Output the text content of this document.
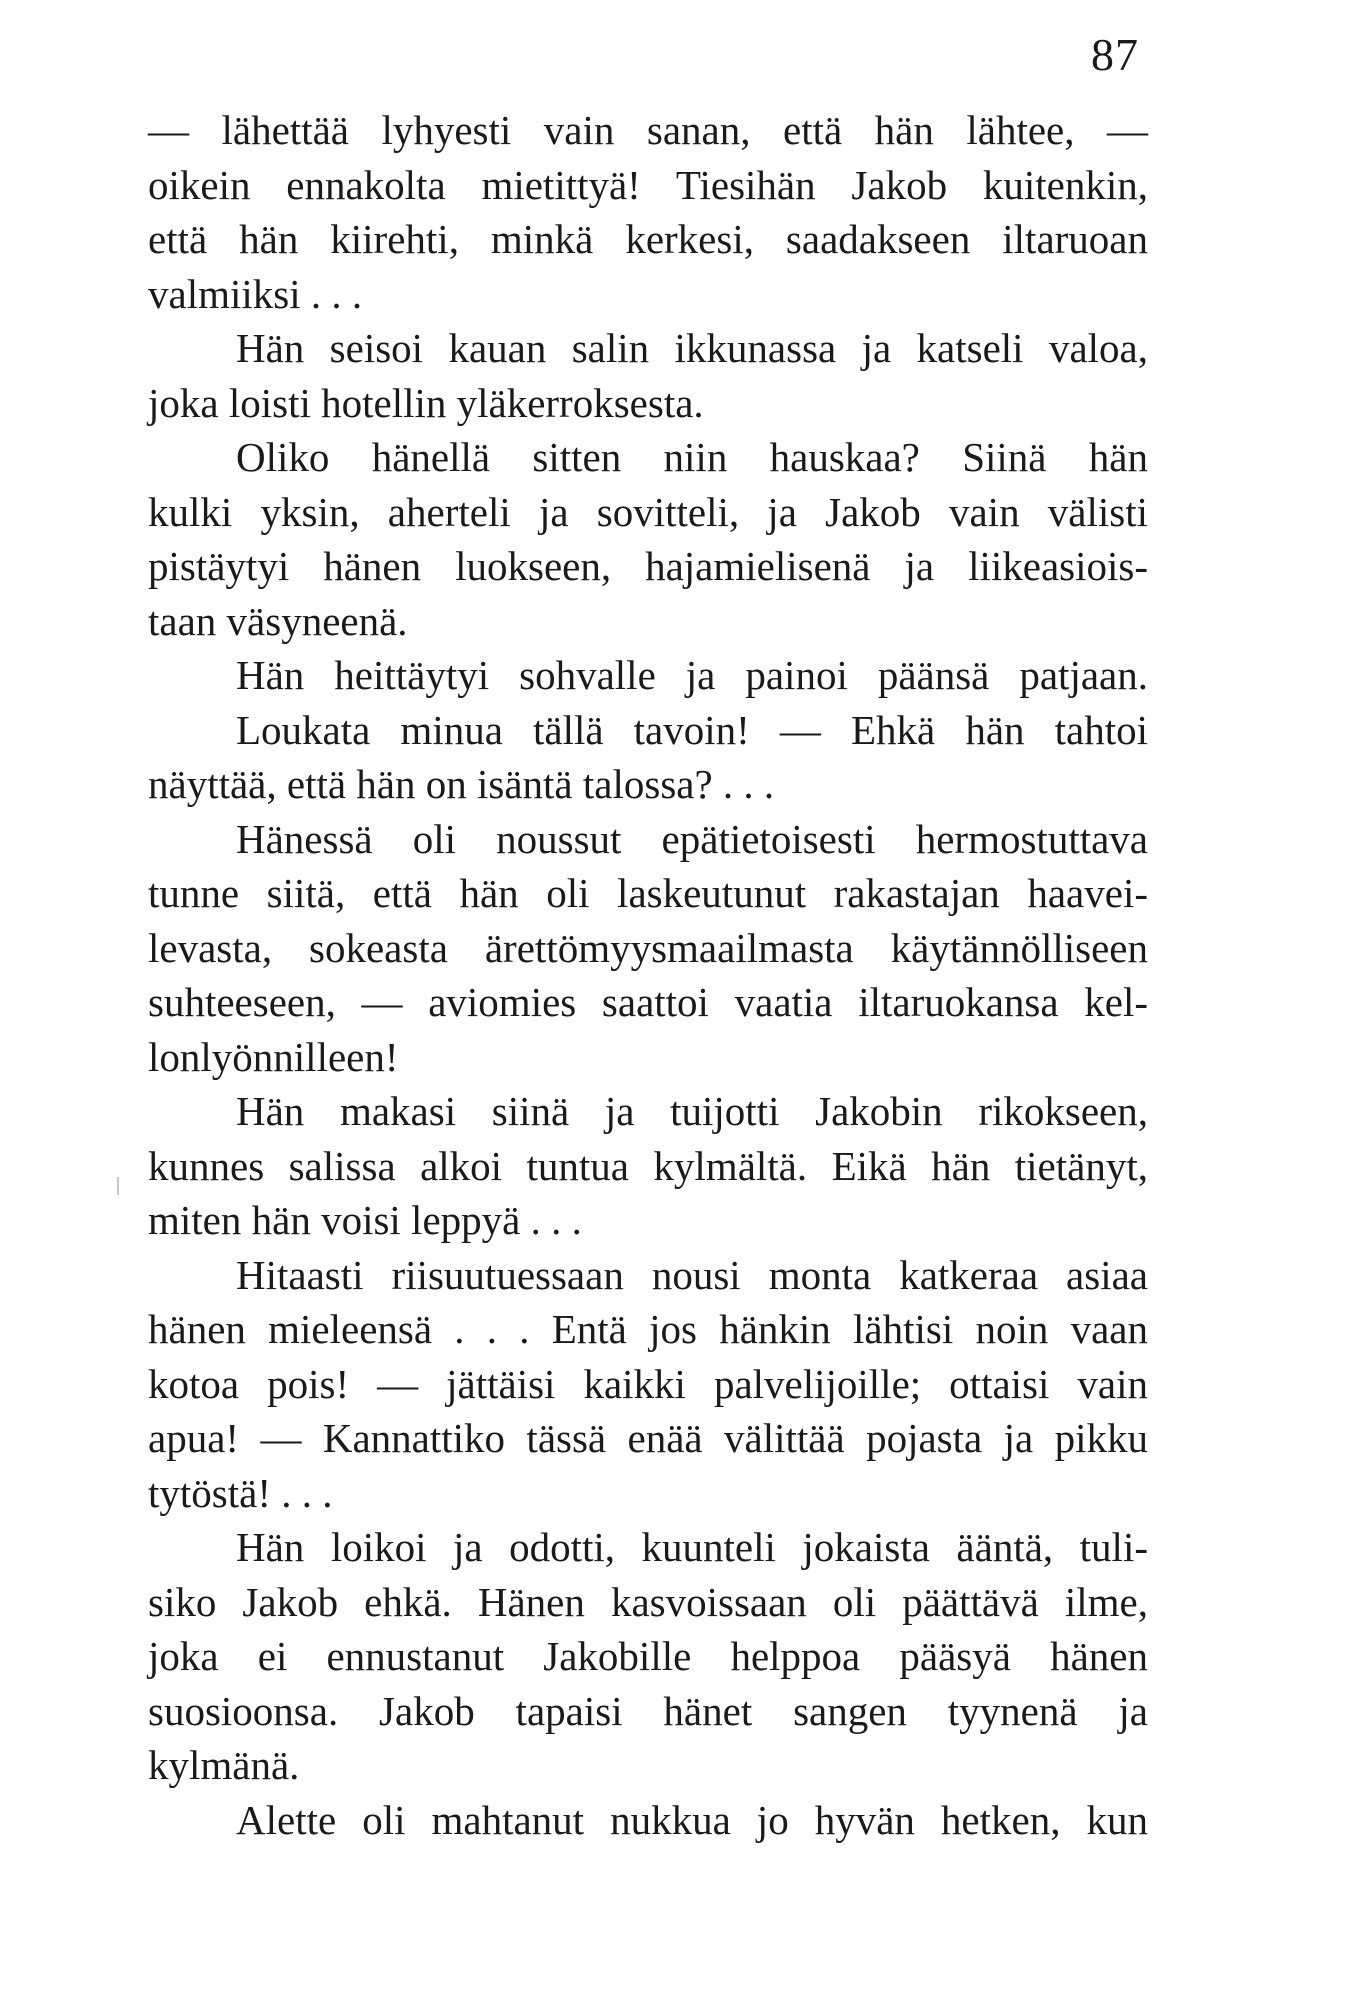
87
— lähettää lyhyesti vain sanan, että hän lähtee, —
oikein ennakolta mietittyä! Tiesihän Jakob kuitenkin,
että hän kiirehti, minkä kerkesi, saadakseen iltaruoan
valmiiksi . . .
Hän seisoi kauan salin ikkunassa ja katseli valoa,
joka loisti hotellin yläkerroksesta.
Oliko hänellä sitten niin hauskaa? Siinä hän
kulki yksin, aherteli ja sovitteli, ja Jakob vain välisti
pistäytyi hänen luokseen, hajamielisenä ja liikeasiois-
taan väsyneenä.
Hän heittäytyi sohvalle ja painoi päänsä patjaan.
Loukata minua tällä tavoin! — Ehkä hän tahtoi
näyttää, että hän on isäntä talossa? . . .
Hänessä oli noussut epätietoisesti hermostuttava
tunne siitä, että hän oli laskeutunut rakastajan haavei-
levasta, sokeasta ärettömyysmaailmasta käytännölliseen
suhteeseen, — aviomies saattoi vaatia iltaruokansa kel-
lonlyönnilleen!
Hän makasi siinä ja tuijotti Jakobin rikokseen,
kunnes salissa alkoi tuntua kylmältä. Eikä hän tietänyt,
miten hän voisi leppyä . . .
Hitaasti riisuutuessaan nousi monta katkeraa asiaa
hänen mieleensä . . . Entä jos hänkin lähtisi noin vaan
kotoa pois! — jättäisi kaikki palvelijoille; ottaisi vain
apua! — Kannattiko tässä enää välittää pojasta ja pikku
tytöstä! . . .
Hän loikoi ja odotti, kuunteli jokaista ääntä, tuli-
siko Jakob ehkä. Hänen kasvoissaan oli päättävä ilme,
joka ei ennustanut Jakobille helppoa pääsyä hänen
suosioonsa. Jakob tapaisi hänet sangen tyynenä ja
kylmänä.
Alette oli mahtanut nukkua jo hyvän hetken, kun
